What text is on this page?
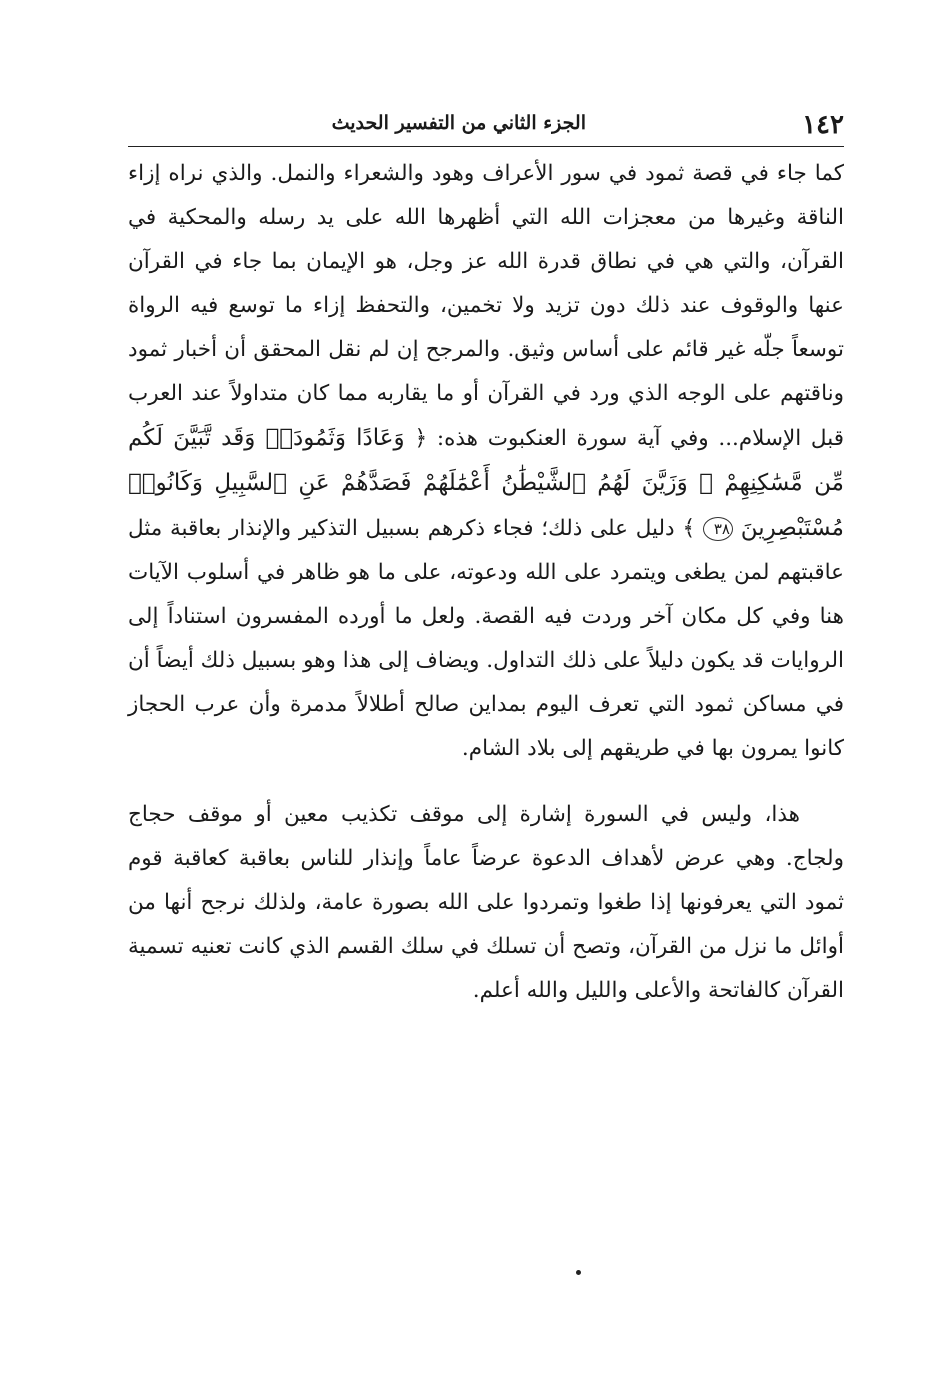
١٤٢
الجزء الثاني من التفسير الحديث

كما جاء في قصة ثمود في سور الأعراف وهود والشعراء والنمل. والذي نراه إزاء الناقة وغيرها من معجزات الله التي أظهرها الله على يد رسله والمحكية في القرآن، والتي هي في نطاق قدرة الله عز وجل، هو الإيمان بما جاء في القرآن عنها والوقوف عند ذلك دون تزيد ولا تخمين، والتحفظ إزاء ما توسع فيه الرواة توسعاً جلّه غير قائم على أساس وثيق. والمرجح إن لم نقل المحقق أن أخبار ثمود وناقتهم على الوجه الذي ورد في القرآن أو ما يقاربه مما كان متداولاً عند العرب قبل الإسلام... وفي آية سورة العنكبوت هذه: ﴿ وَعَادًا وَثَمُودَا۟ وَقَد تَّبَيَّنَ لَكُم مِّن مَّسَٰكِنِهِمْ ۖ وَزَيَّنَ لَهُمُ ٱلشَّيْطَٰنُ أَعْمَٰلَهُمْ فَصَدَّهُمْ عَنِ ٱلسَّبِيلِ وَكَانُوا۟ مُسْتَبْصِرِينَ ٣٨ ﴾ دليل على ذلك؛ فجاء ذكرهم بسبيل التذكير والإنذار بعاقبة مثل عاقبتهم لمن يطغى ويتمرد على الله ودعوته، على ما هو ظاهر في أسلوب الآيات هنا وفي كل مكان آخر وردت فيه القصة. ولعل ما أورده المفسرون استناداً إلى الروايات قد يكون دليلاً على ذلك التداول. ويضاف إلى هذا وهو بسبيل ذلك أيضاً أن في مساكن ثمود التي تعرف اليوم بمداين صالح أطلالاً مدمرة وأن عرب الحجاز كانوا يمرون بها في طريقهم إلى بلاد الشام.

هذا، وليس في السورة إشارة إلى موقف تكذيب معين أو موقف حجاج ولجاج. وهي عرض لأهداف الدعوة عرضاً عاماً وإنذار للناس بعاقبة كعاقبة قوم ثمود التي يعرفونها إذا طغوا وتمردوا على الله بصورة عامة، ولذلك نرجح أنها من أوائل ما نزل من القرآن، وتصح أن تسلك في سلك القسم الذي كانت تعنيه تسمية القرآن كالفاتحة والأعلى والليل والله أعلم.
